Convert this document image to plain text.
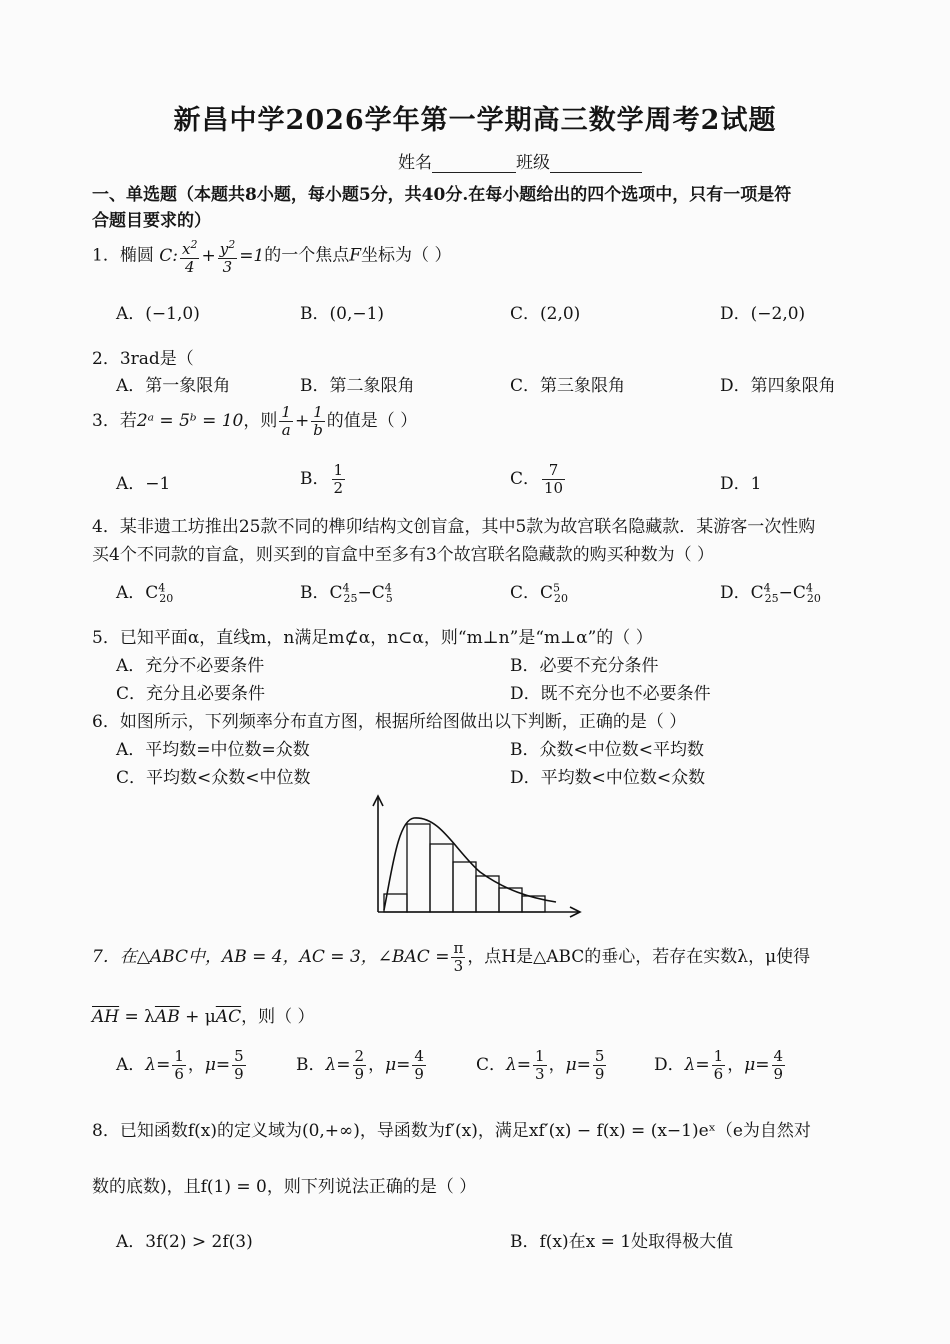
新昌中学2026学年第一学期高三数学周考2试题
姓名	班级
一、单选题（本题共8小题，每小题5分，共40分.在每小题给出的四个选项中，只有一项是符
合题目要求的）
1．椭圆 C: $\frac{x^2}{4} + \frac{y^2}{3} =1$的一个焦点F坐标为（ ）
A．(−1,0)	B．(0,−1)	C．(2,0)	D．(−2,0)
2．3rad是（
A．第一象限角	B．第二象限角	C．第三象限角	D．第四象限角
3．若2ᵃ = 5ᵇ = 10，则 $\frac{1}{a} + \frac{1}{b}$ 的值是（ ）
A．−1	B． $\frac{1}{2}$	C． $\frac{7}{10}$	D．1
4．某非遗工坊推出25款不同的榫卯结构文创盲盒，其中5款为故宫联名隐藏款．某游客一次性购
买4个不同款的盲盒，则买到的盲盒中至多有3个故宫联名隐藏款的购买种数为（ ）
A．$C^4_{20}$	B．$C^4_{25}-C^4_5$	C．$C^5_{20}$	D．$C^4_{25}-C^4_{20}$
5．已知平面α，直线m，n满足m⊄α，n⊂α，则“m⊥n”是“m⊥α”的（ ）
A．充分不必要条件	B．必要不充分条件
C．充分且必要条件	D．既不充分也不必要条件
6．如图所示，下列频率分布直方图，根据所给图做出以下判断，正确的是（ ）
A．平均数=中位数=众数	B．众数<中位数<平均数
C．平均数<众数<中位数	D．平均数<中位数<众数
7．在△ABC中，AB = 4，AC = 3，∠BAC = $\frac{\pi}{3}$ ，点H是△ABC的垂心，若存在实数λ，μ使得
$\overline{AH} = \lambda\overline{AB} + \mu\overline{AC}$，则（ ）
A．$\lambda= \frac{1}{6}$ ，$\mu= \frac{5}{9}$	B．$\lambda= \frac{2}{9}$ ，$\mu= \frac{4}{9}$	C．$\lambda= \frac{1}{3}$ ，$\mu= \frac{5}{9}$	D．$\lambda= \frac{1}{6}$ ，$\mu= \frac{4}{9}$
8．已知函数f(x)的定义域为(0,+∞)，导函数为f′(x)，满足xf′(x) − f(x) = (x−1)eˣ（e为自然对
数的底数)，且f(1) = 0，则下列说法正确的是（ ）
A．3f(2) > 2f(3)	B．f(x)在x = 1处取得极大值
